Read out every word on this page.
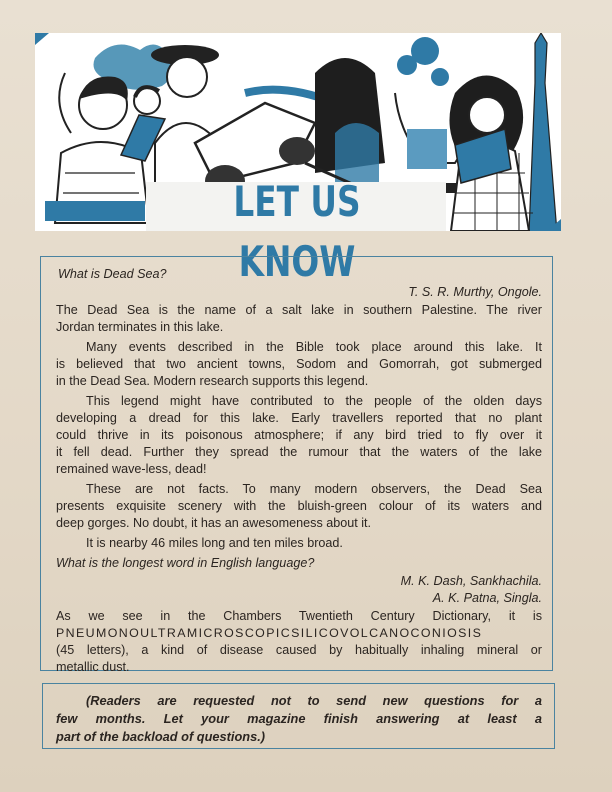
LET US KNOW
What is Dead Sea?
T. S. R. Murthy, Ongole.
The Dead Sea is the name of a salt lake in southern Palestine. The river
Jordan terminates in this lake.
Many events described in the Bible took place around this lake. It
is believed that two ancient towns, Sodom and Gomorrah, got submerged
in the Dead Sea. Modern research supports this legend.
This legend might have contributed to the people of the olden days
developing a dread for this lake. Early travellers reported that no plant
could thrive in its poisonous atmosphere; if any bird tried to fly over it
it fell dead. Further they spread the rumour that the waters of the lake
remained wave-less, dead!
These are not facts. To many modern observers, the Dead Sea
presents exquisite scenery with the bluish-green colour of its waters and
deep gorges. No doubt, it has an awesomeness about it.
It is nearby 46 miles long and ten miles broad.
What is the longest word in English language?
M. K. Dash, Sankhachila.
A. K. Patna, Singla.
As we see in the Chambers Twentieth Century Dictionary, it is
PNEUMONOULTRAMICROSCOPICSILICOVOLCANOCONIOSIS
(45 letters), a kind of disease caused by habitually inhaling mineral or
metallic dust.
(Readers are requested not to send new questions for a
few months. Let your magazine finish answering at least a
part of the backload of questions.)
